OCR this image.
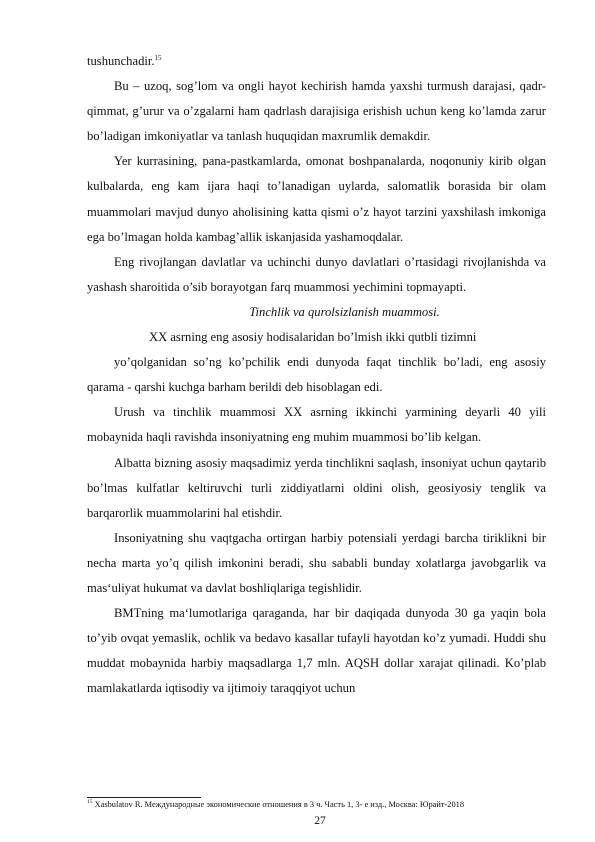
tushunchadir.$^{15}$

Bu – uzoq, sog’lom va ongli hayot kechirish hamda yaxshi turmush darajasi, qadr-qimmat, g’urur va o’zgalarni ham qadrlash darajisiga erishish uchun keng ko’lamda zarur bo’ladigan imkoniyatlar va tanlash huquqidan maxrumlik demakdir.

Yer kurrasining, pana-pastkamlarda, omonat boshpanalarda, noqonuniy kirib olgan kulbalarda, eng kam ijara haqi to’lanadigan uylarda, salomatlik borasida bir olam muammolari mavjud dunyo aholisining katta qismi o’z hayot tarzini yaxshilash imkoniga ega bo’lmagan holda kambag’allik iskanjasida yashamoqdalar.

Eng rivojlangan davlatlar va uchinchi dunyo davlatlari o’rtasidagi rivojlanishda va yashash sharoitida o’sib borayotgan farq muammosi yechimini topmayapti.

Tinchlik va qurolsizlanish muammosi.

XX asrning eng asosiy hodisalaridan bo’lmish ikki qutbli tizimni

yo’qolganidan so’ng ko’pchilik endi dunyoda faqat tinchlik bo’ladi, eng asosiy qarama - qarshi kuchga barham berildi deb hisoblagan edi.

Urush va tinchlik muammosi XX asrning ikkinchi yarmining deyarli 40 yili mobaynida haqli ravishda insoniyatning eng muhim muammosi bo’lib kelgan.

Albatta bizning asosiy maqsadimiz yerda tinchlikni saqlash, insoniyat uchun qaytarib bo’lmas kulfatlar keltiruvchi turli ziddiyatlarni oldini olish, geosiyosiy tenglik va barqarorlik muammolarini hal etishdir.

Insoniyatning shu vaqtgacha ortirgan harbiy potensiali yerdagi barcha tiriklikni bir necha marta yo’q qilish imkonini beradi, shu sababli bunday xolatlarga javobgarlik va mas‘uliyat hukumat va davlat boshliqlariga tegishlidir.

BMTning ma‘lumotlariga qaraganda, har bir daqiqada dunyoda 30 ga yaqin bola to’yib ovqat yemaslik, ochlik va bedavo kasallar tufayli hayotdan ko’z yumadi. Huddi shu muddat mobaynida harbiy maqsadlarga 1,7 mln. AQSH dollar xarajat qilinadi. Ko’plab mamlakatlarda iqtisodiy va ijtimoiy taraqqiyot uchun

$^{15}$ Xasbulatov R. Международные экономические отношения в 3 ч. Часть 1, 3- е изд., Москва: Юрайт-2018
27
